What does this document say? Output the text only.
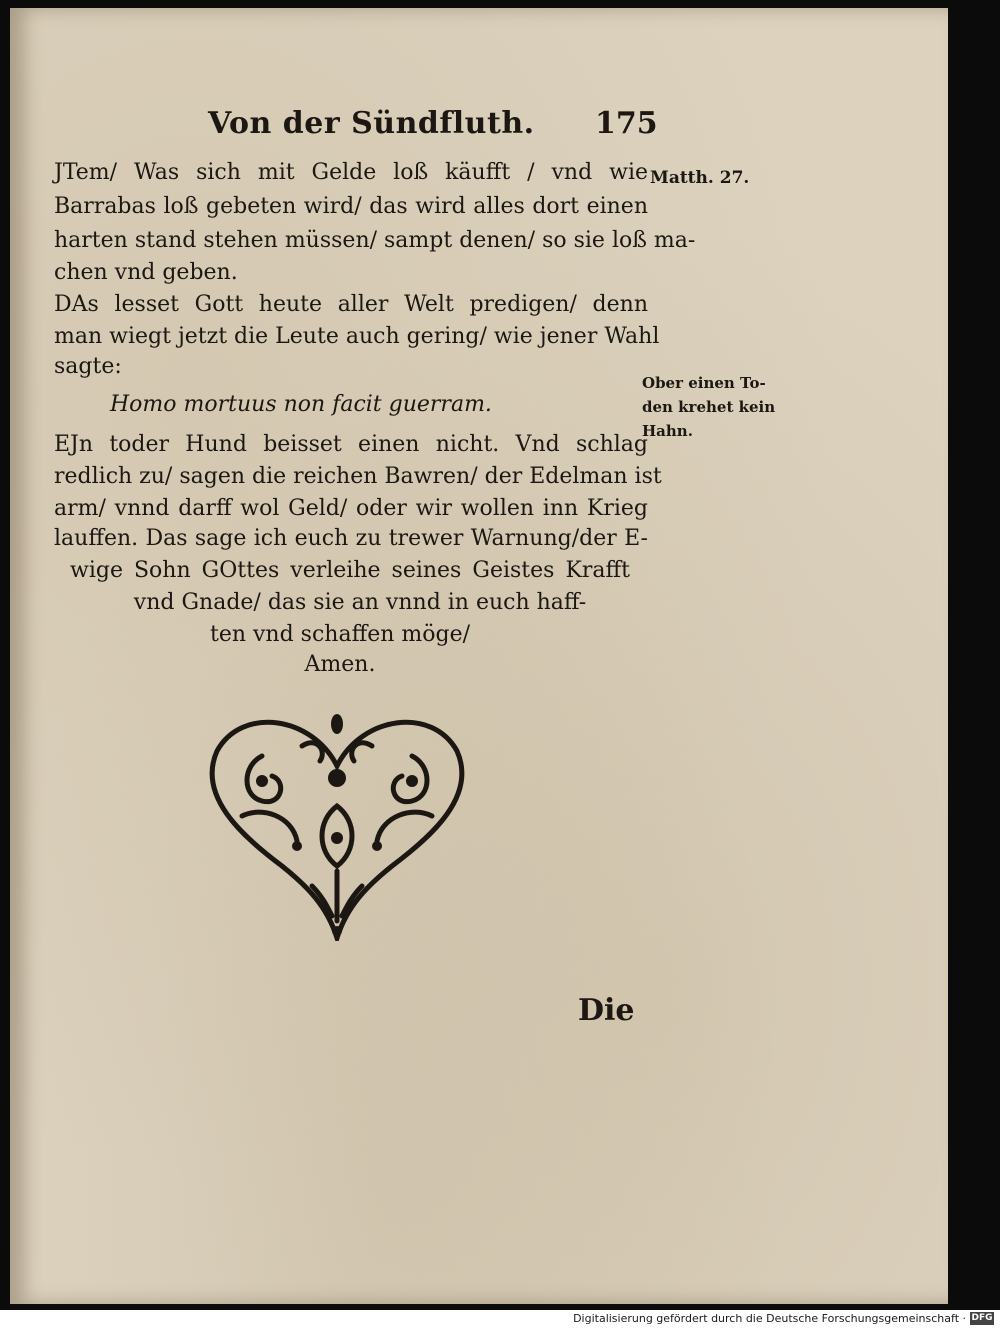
Von der Sündfluth. 175
JTem/ Was sich mit Gelde loß käufft / vnd wie
Barrabas loß gebeten wird/ das wird alles dort einen
harten stand stehen müssen/ sampt denen/ so sie loß ma-
chen vnd geben.
DAs lesset Gott heute aller Welt predigen/ denn
man wiegt jetzt die Leute auch gering/ wie jener Wahl
sagte:
Homo mortuus non facit guerram.
EJn toder Hund beisset einen nicht. Vnd schlag
redlich zu/ sagen die reichen Bawren/ der Edelman ist
arm/ vnnd darff wol Geld/ oder wir wollen inn Krieg
lauffen. Das sage ich euch zu trewer Warnung/der E-
wige Sohn GOttes verleihe seines Geistes Krafft
vnd Gnade/ das sie an vnnd in euch haff-
ten vnd schaffen möge/
Amen.
Matth. 27.
Ober einen To-
den krehet kein
Hahn.
Die
Digitalisierung gefördert durch die Deutsche Forschungsgemeinschaft · DFG
